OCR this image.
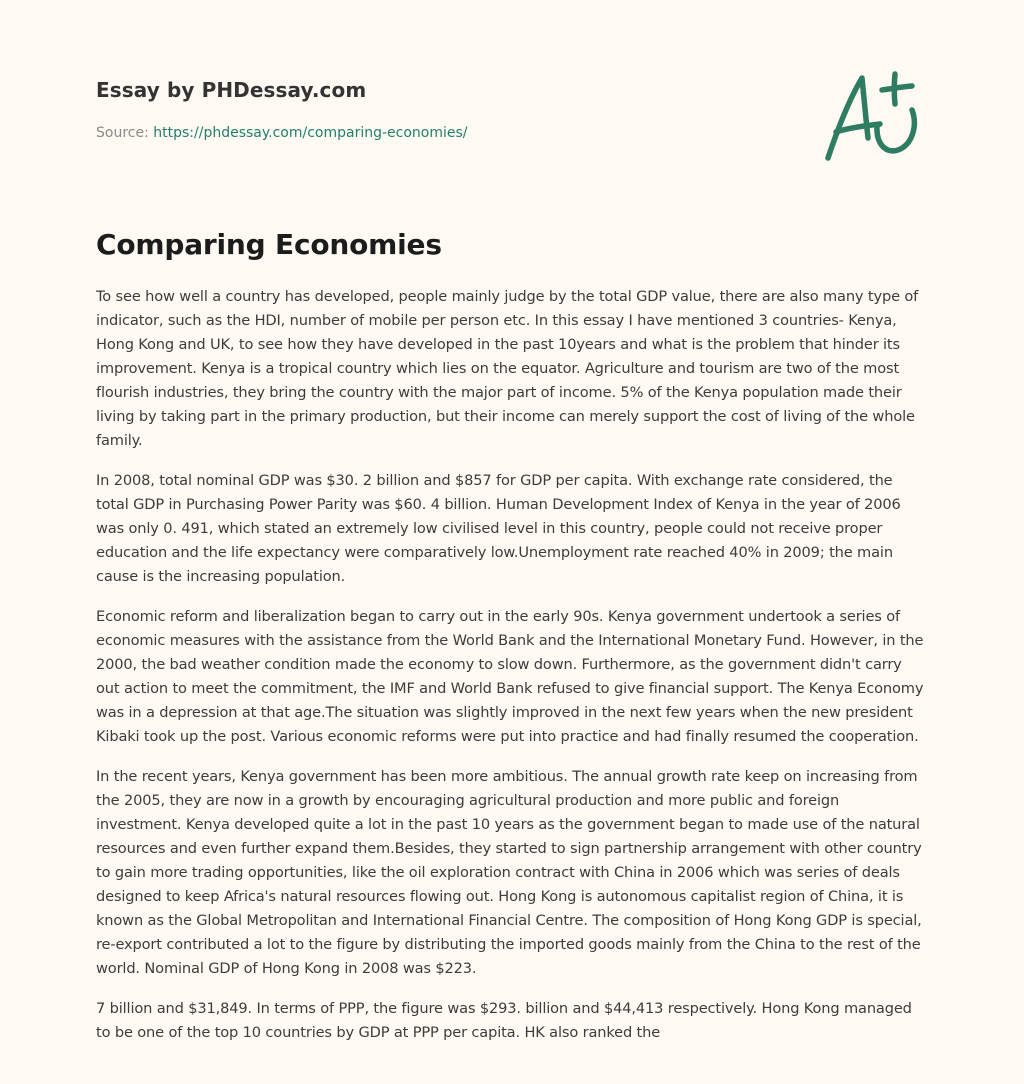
Essay by PHDessay.com
Source: https://phdessay.com/comparing-economies/
Comparing Economies

To see how well a country has developed, people mainly judge by the total GDP value, there are also many type of indicator, such as the HDI, number of mobile per person etc. In this essay I have mentioned 3 countries- Kenya, Hong Kong and UK, to see how they have developed in the past 10years and what is the problem that hinder its improvement. Kenya is a tropical country which lies on the equator. Agriculture and tourism are two of the most flourish industries, they bring the country with the major part of income. 5% of the Kenya population made their living by taking part in the primary production, but their income can merely support the cost of living of the whole family.

In 2008, total nominal GDP was $30. 2 billion and $857 for GDP per capita. With exchange rate considered, the total GDP in Purchasing Power Parity was $60. 4 billion. Human Development Index of Kenya in the year of 2006 was only 0. 491, which stated an extremely low civilised level in this country, people could not receive proper education and the life expectancy were comparatively low.Unemployment rate reached 40% in 2009; the main cause is the increasing population.

Economic reform and liberalization began to carry out in the early 90s. Kenya government undertook a series of economic measures with the assistance from the World Bank and the International Monetary Fund. However, in the 2000, the bad weather condition made the economy to slow down. Furthermore, as the government didn't carry out action to meet the commitment, the IMF and World Bank refused to give financial support. The Kenya Economy was in a depression at that age.The situation was slightly improved in the next few years when the new president Kibaki took up the post. Various economic reforms were put into practice and had finally resumed the cooperation.

In the recent years, Kenya government has been more ambitious. The annual growth rate keep on increasing from the 2005, they are now in a growth by encouraging agricultural production and more public and foreign investment. Kenya developed quite a lot in the past 10 years as the government began to made use of the natural resources and even further expand them.Besides, they started to sign partnership arrangement with other country to gain more trading opportunities, like the oil exploration contract with China in 2006 which was series of deals designed to keep Africa's natural resources flowing out. Hong Kong is autonomous capitalist region of China, it is known as the Global Metropolitan and International Financial Centre. The composition of Hong Kong GDP is special, re-export contributed a lot to the figure by distributing the imported goods mainly from the China to the rest of the world. Nominal GDP of Hong Kong in 2008 was $223.

7 billion and $31,849. In terms of PPP, the figure was $293. billion and $44,413 respectively. Hong Kong managed to be one of the top 10 countries by GDP at PPP per capita. HK also ranked the
